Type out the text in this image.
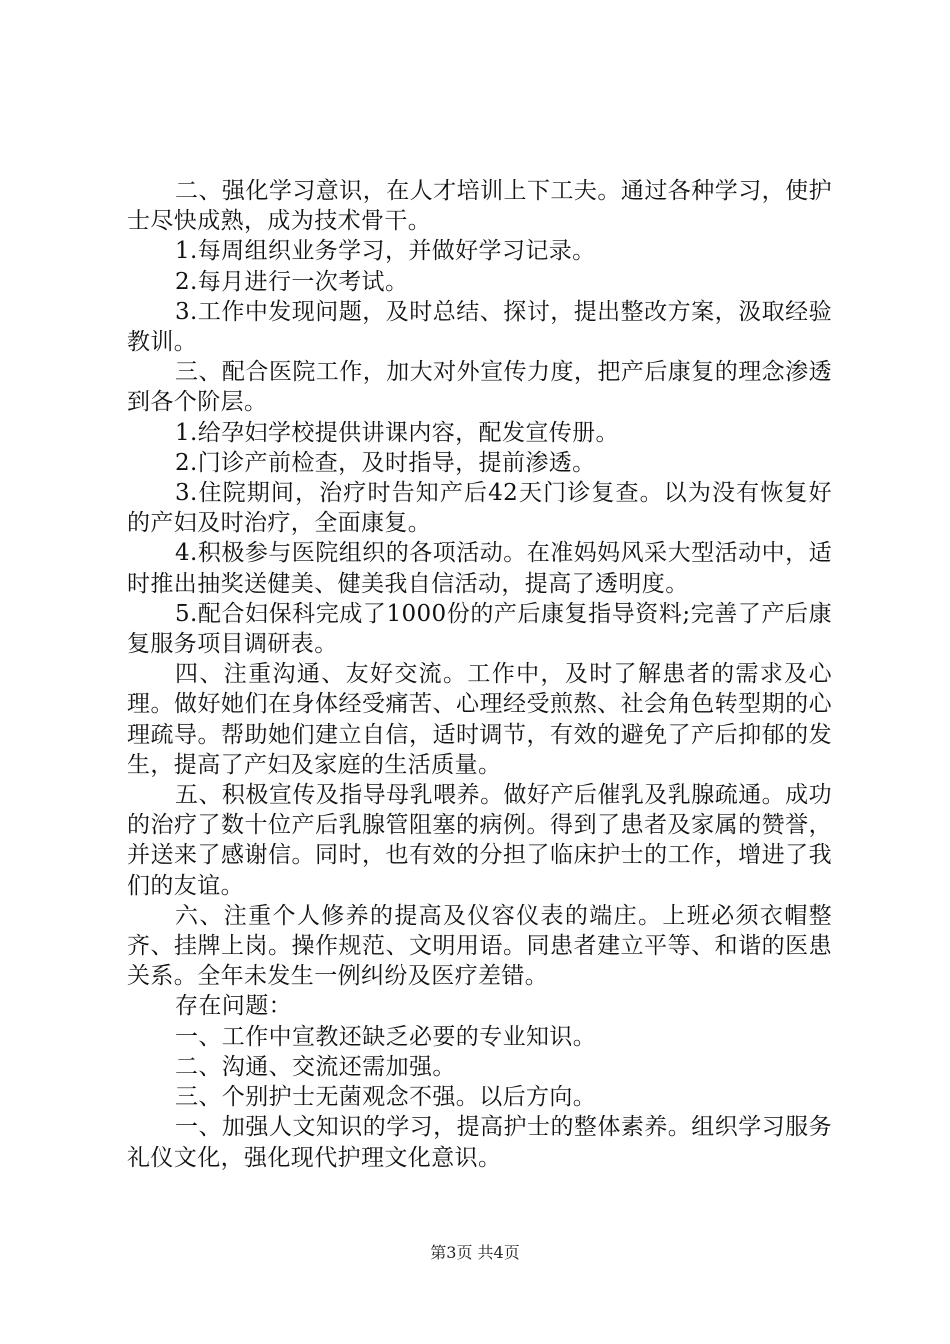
二、强化学习意识，在人才培训上下工夫。通过各种学习，使护士尽快成熟，成为技术骨干。

1.每周组织业务学习，并做好学习记录。

2.每月进行一次考试。

3.工作中发现问题，及时总结、探讨，提出整改方案，汲取经验教训。

三、配合医院工作，加大对外宣传力度，把产后康复的理念渗透到各个阶层。

1.给孕妇学校提供讲课内容，配发宣传册。

2.门诊产前检查，及时指导，提前渗透。

3.住院期间，治疗时告知产后42天门诊复查。以为没有恢复好的产妇及时治疗，全面康复。

4.积极参与医院组织的各项活动。在准妈妈风采大型活动中，适时推出抽奖送健美、健美我自信活动，提高了透明度。

5.配合妇保科完成了1000份的产后康复指导资料;完善了产后康复服务项目调研表。

四、注重沟通、友好交流。工作中，及时了解患者的需求及心理。做好她们在身体经受痛苦、心理经受煎熬、社会角色转型期的心理疏导。帮助她们建立自信，适时调节，有效的避免了产后抑郁的发生，提高了产妇及家庭的生活质量。

五、积极宣传及指导母乳喂养。做好产后催乳及乳腺疏通。成功的治疗了数十位产后乳腺管阻塞的病例。得到了患者及家属的赞誉，并送来了感谢信。同时，也有效的分担了临床护士的工作，增进了我们的友谊。

六、注重个人修养的提高及仪容仪表的端庄。上班必须衣帽整齐、挂牌上岗。操作规范、文明用语。同患者建立平等、和谐的医患关系。全年未发生一例纠纷及医疗差错。

存在问题：

一、工作中宣教还缺乏必要的专业知识。

二、沟通、交流还需加强。

三、个别护士无菌观念不强。以后方向。

一、加强人文知识的学习，提高护士的整体素养。组织学习服务礼仪文化，强化现代护理文化意识。

第3页 共4页
